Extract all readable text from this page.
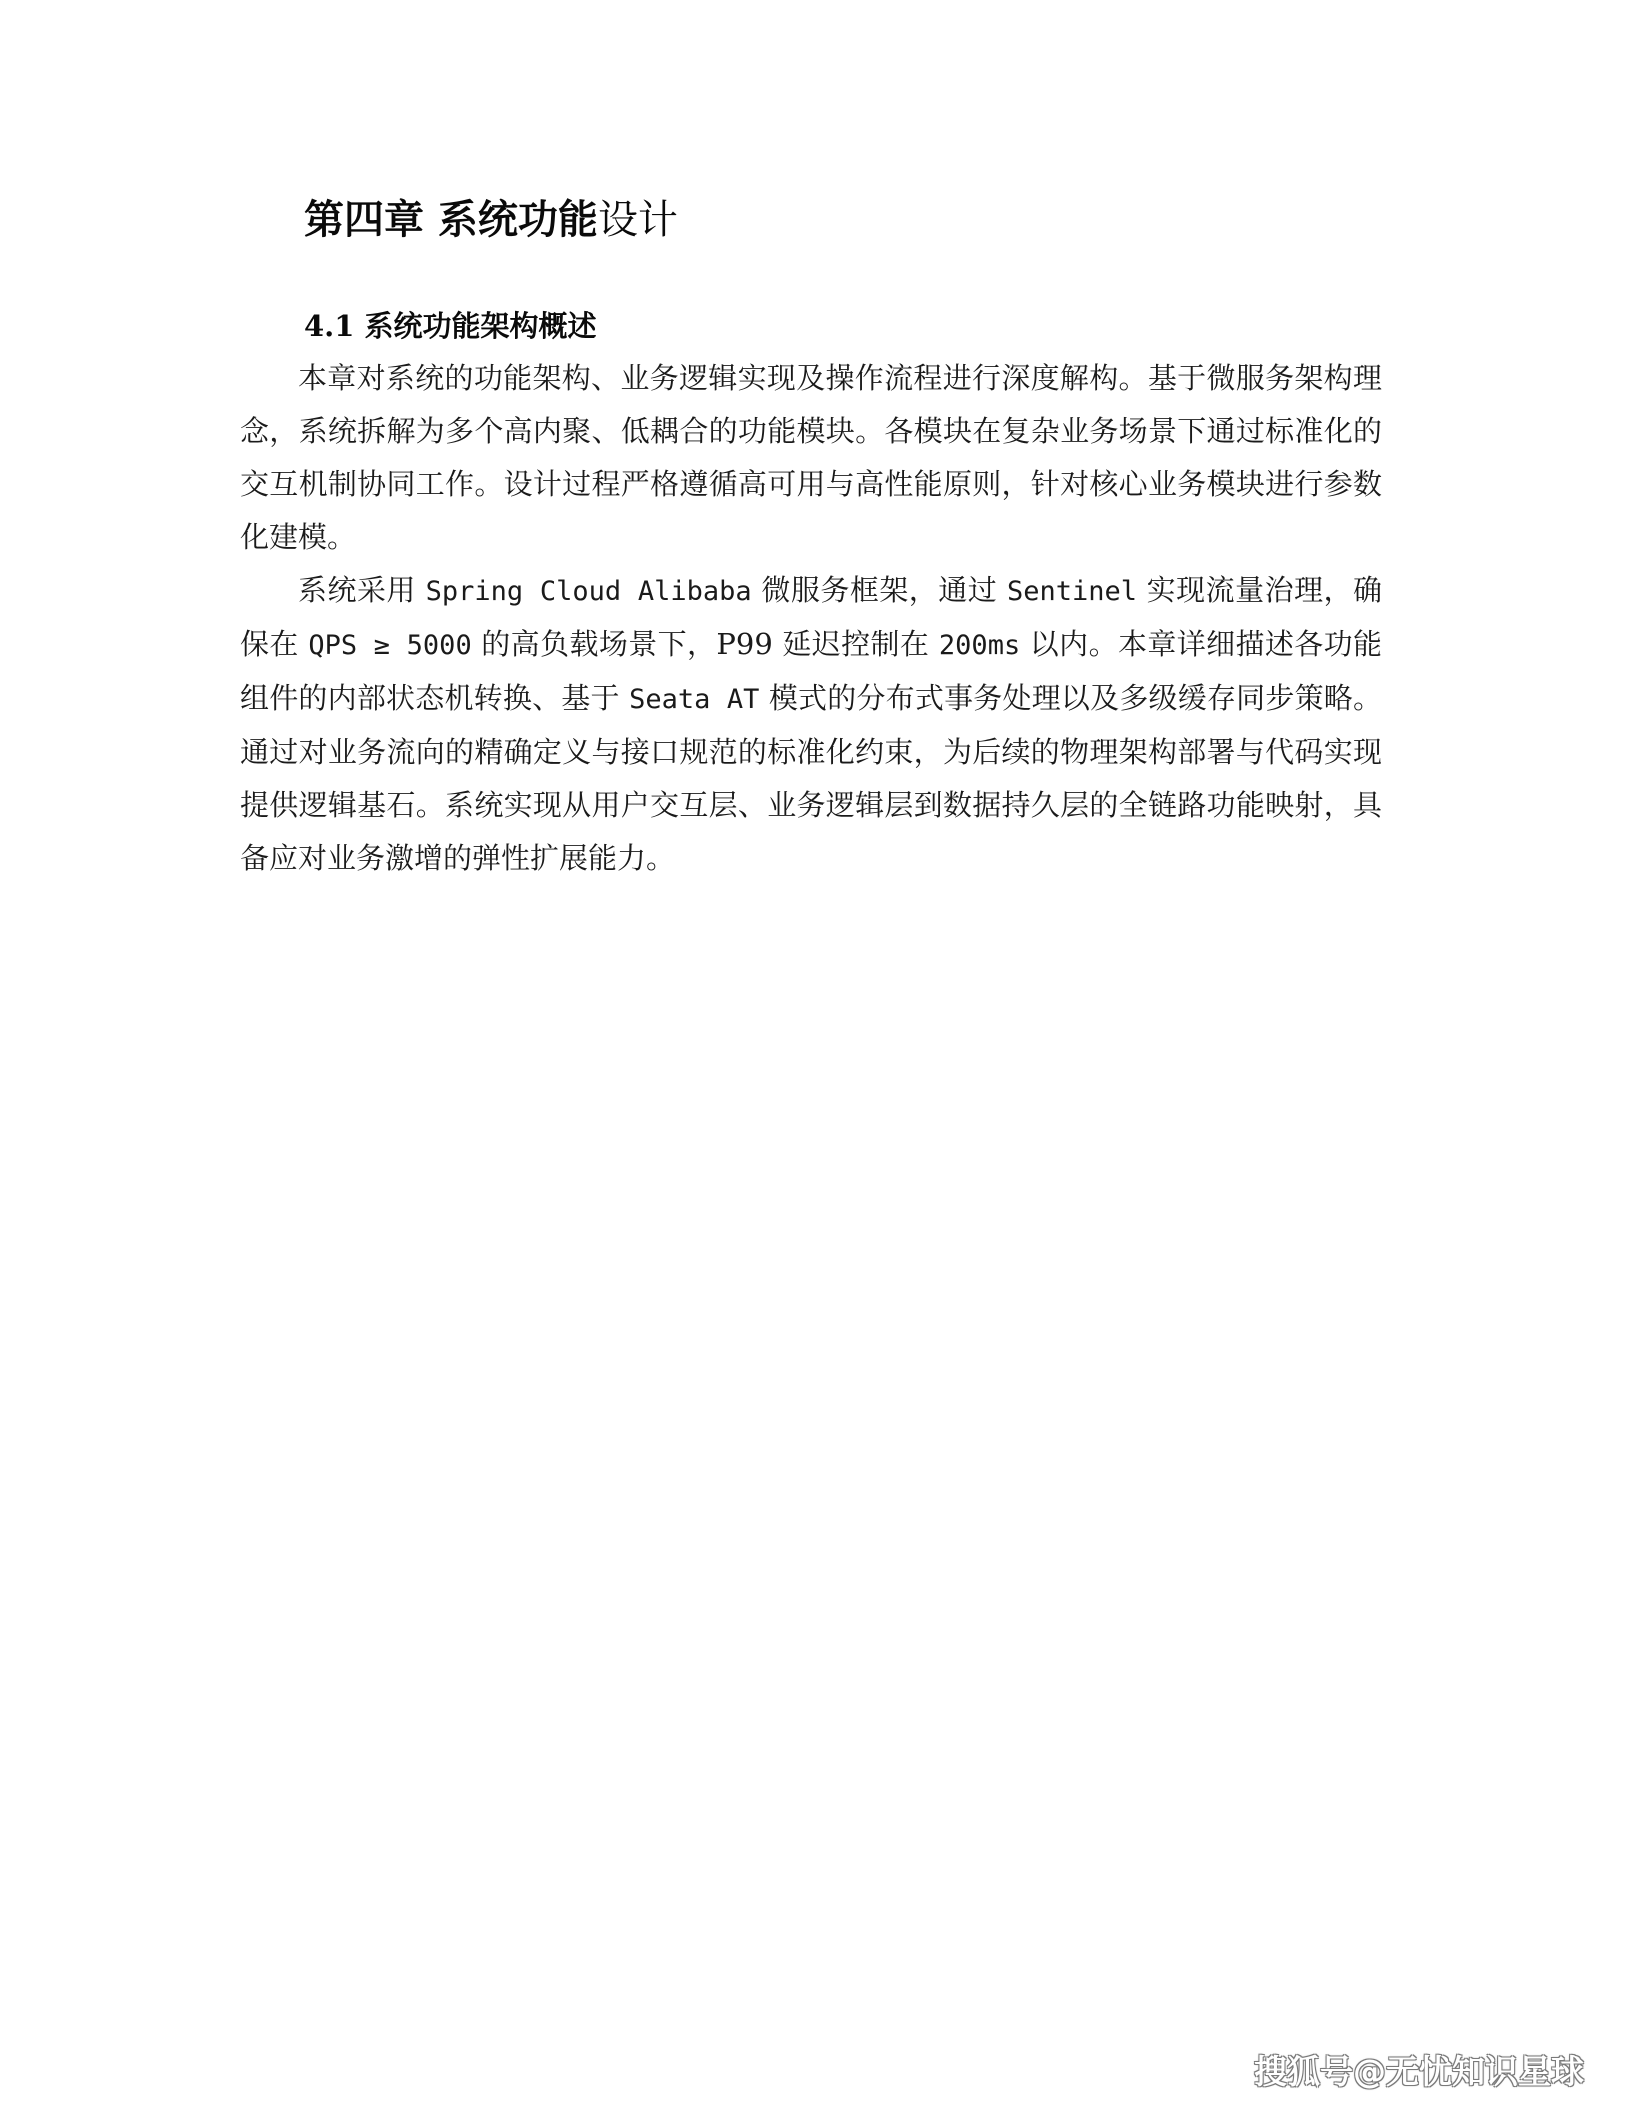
第四章 系统功能设计
4.1 系统功能架构概述

本章对系统的功能架构、业务逻辑实现及操作流程进行深度解构。基于微服务架构理念，系统拆解为多个高内聚、低耦合的功能模块。各模块在复杂业务场景下通过标准化的交互机制协同工作。设计过程严格遵循高可用与高性能原则，针对核心业务模块进行参数化建模。

系统采用 Spring Cloud Alibaba 微服务框架，通过 Sentinel 实现流量治理，确保在 QPS ≥ 5000 的高负载场景下，P99 延迟控制在 200ms 以内。本章详细描述各功能组件的内部状态机转换、基于 Seata AT 模式的分布式事务处理以及多级缓存同步策略。通过对业务流向的精确定义与接口规范的标准化约束，为后续的物理架构部署与代码实现提供逻辑基石。系统实现从用户交互层、业务逻辑层到数据持久层的全链路功能映射，具备应对业务激增的弹性扩展能力。

搜狐号@无忧知识星球
